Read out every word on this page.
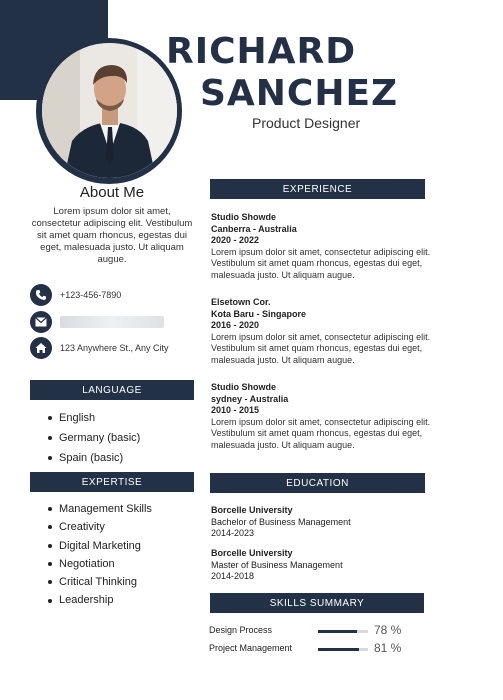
RICHARD
SANCHEZ
Product Designer
About Me
Lorem ipsum dolor sit amet, consectetur adipiscing elit. Vestibulum sit amet quam rhoncus, egestas dui eget, malesuada justo. Ut aliquam augue.
+123-456-7890
123 Anywhere St., Any City
LANGUAGE
English
Germany (basic)
Spain (basic)
EXPERTISE
Management Skills
Creativity
Digital Marketing
Negotiation
Critical Thinking
Leadership
EXPERIENCE
Studio Showde
Canberra - Australia
2020 - 2022
Lorem ipsum dolor sit amet, consectetur adipiscing elit. Vestibulum sit amet quam rhoncus, egestas dui eget, malesuada justo. Ut aliquam augue.
Elsetown Cor.
Kota Baru - Singapore
2016 - 2020
Lorem ipsum dolor sit amet, consectetur adipiscing elit. Vestibulum sit amet quam rhoncus, egestas dui eget, malesuada justo. Ut aliquam augue.
Studio Showde
sydney - Australia
2010 - 2015
Lorem ipsum dolor sit amet, consectetur adipiscing elit. Vestibulum sit amet quam rhoncus, egestas dui eget, malesuada justo. Ut aliquam augue.
EDUCATION
Borcelle University
Bachelor of Business Management
2014-2023
Borcelle University
Master of Business Management
2014-2018
SKILLS SUMMARY
Design Process	78 %
Project Management	81 %
